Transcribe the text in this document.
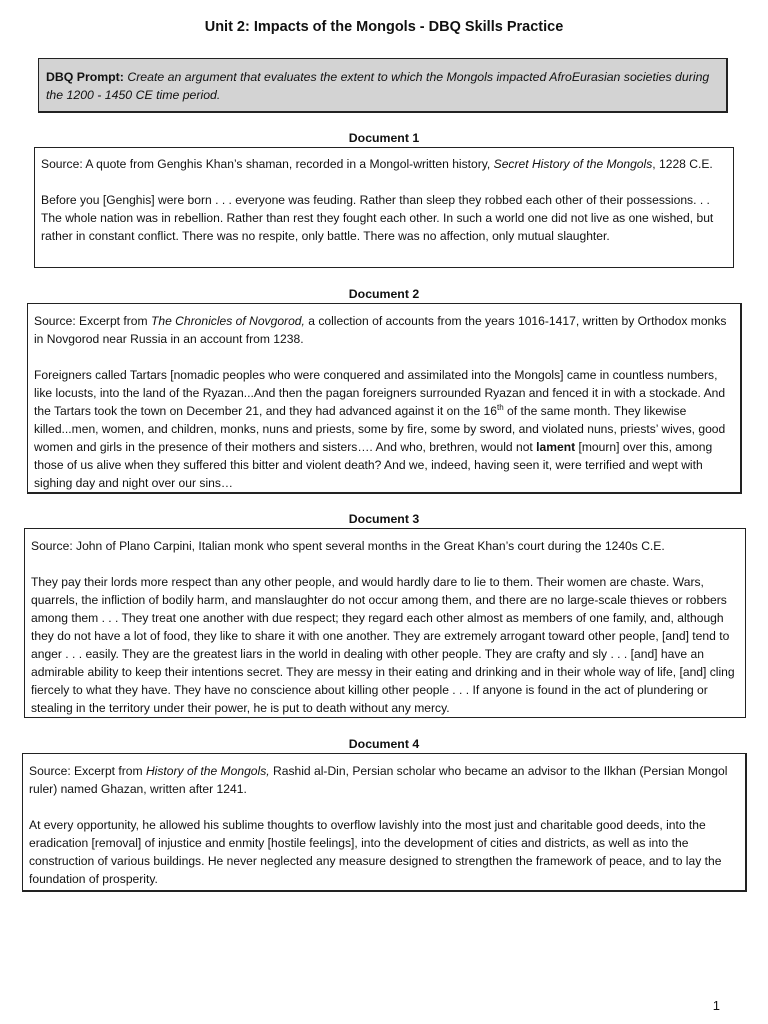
Unit 2: Impacts of the Mongols - DBQ Skills Practice
DBQ Prompt: Create an argument that evaluates the extent to which the Mongols impacted AfroEurasian societies during the 1200 - 1450 CE time period.
Document 1

Source: A quote from Genghis Khan’s shaman, recorded in a Mongol-written history, Secret History of the Mongols, 1228 C.E.

Before you [Genghis] were born . . . everyone was feuding. Rather than sleep they robbed each other of their possessions. . . The whole nation was in rebellion. Rather than rest they fought each other. In such a world one did not live as one wished, but rather in constant conflict. There was no respite, only battle. There was no affection, only mutual slaughter.

Document 2

Source: Excerpt from The Chronicles of Novgorod, a collection of accounts from the years 1016-1417, written by Orthodox monks in Novgorod near Russia in an account from 1238.

Foreigners called Tartars [nomadic peoples who were conquered and assimilated into the Mongols] came in countless numbers, like locusts, into the land of the Ryazan...And then the pagan foreigners surrounded Ryazan and fenced it in with a stockade. And the Tartars took the town on December 21, and they had advanced against it on the 16th of the same month. They likewise killed...men, women, and children, monks, nuns and priests, some by fire, some by sword, and violated nuns, priests’ wives, good women and girls in the presence of their mothers and sisters…. And who, brethren, would not lament [mourn] over this, among those of us alive when they suffered this bitter and violent death? And we, indeed, having seen it, were terrified and wept with sighing day and night over our sins…

Document 3

Source: John of Plano Carpini, Italian monk who spent several months in the Great Khan’s court during the 1240s C.E.

They pay their lords more respect than any other people, and would hardly dare to lie to them. Their women are chaste. Wars, quarrels, the infliction of bodily harm, and manslaughter do not occur among them, and there are no large-scale thieves or robbers among them . . . They treat one another with due respect; they regard each other almost as members of one family, and, although they do not have a lot of food, they like to share it with one another. They are extremely arrogant toward other people, [and] tend to anger . . . easily. They are the greatest liars in the world in dealing with other people. They are crafty and sly . . . [and] have an admirable ability to keep their intentions secret. They are messy in their eating and drinking and in their whole way of life, [and] cling fiercely to what they have. They have no conscience about killing other people . . . If anyone is found in the act of plundering or stealing in the territory under their power, he is put to death without any mercy.

Document 4

Source: Excerpt from History of the Mongols, Rashid al-Din, Persian scholar who became an advisor to the Ilkhan (Persian Mongol ruler) named Ghazan, written after 1241.

At every opportunity, he allowed his sublime thoughts to overflow lavishly into the most just and charitable good deeds, into the eradication [removal] of injustice and enmity [hostile feelings], into the development of cities and districts, as well as into the construction of various buildings. He never neglected any measure designed to strengthen the framework of peace, and to lay the foundation of prosperity.

1
